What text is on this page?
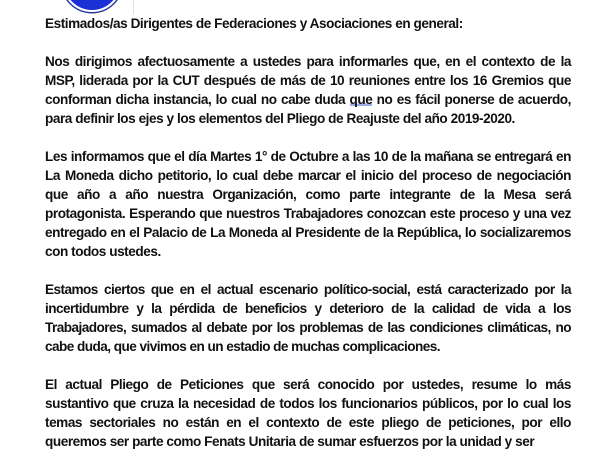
Estimados/as Dirigentes de Federaciones y Asociaciones en general:

Nos dirigimos afectuosamente a ustedes para informarles que, en el contexto de la MSP, liderada por la CUT después de más de 10 reuniones entre los 16 Gremios que conforman dicha instancia, lo cual no cabe duda que no es fácil ponerse de acuerdo, para definir los ejes y los elementos del Pliego de Reajuste del año 2019-2020.

Les informamos que el día Martes 1° de Octubre a las 10 de la mañana se entregará en La Moneda dicho petitorio, lo cual debe marcar el inicio del proceso de negociación que año a año nuestra Organización, como parte integrante de la Mesa será protagonista. Esperando que nuestros Trabajadores conozcan este proceso y una vez entregado en el Palacio de La Moneda al Presidente de la República, lo socializaremos con todos ustedes.

Estamos ciertos que en el actual escenario político-social, está caracterizado por la incertidumbre y la pérdida de beneficios y deterioro de la calidad de vida a los Trabajadores, sumados al debate por los problemas de las condiciones climáticas, no cabe duda, que vivimos en un estadio de muchas complicaciones.

El actual Pliego de Peticiones que será conocido por ustedes, resume lo más sustantivo que cruza la necesidad de todos los funcionarios públicos, por lo cual los temas sectoriales no están en el contexto de este pliego de peticiones, por ello queremos ser parte como Fenats Unitaria de sumar esfuerzos por la unidad y ser
